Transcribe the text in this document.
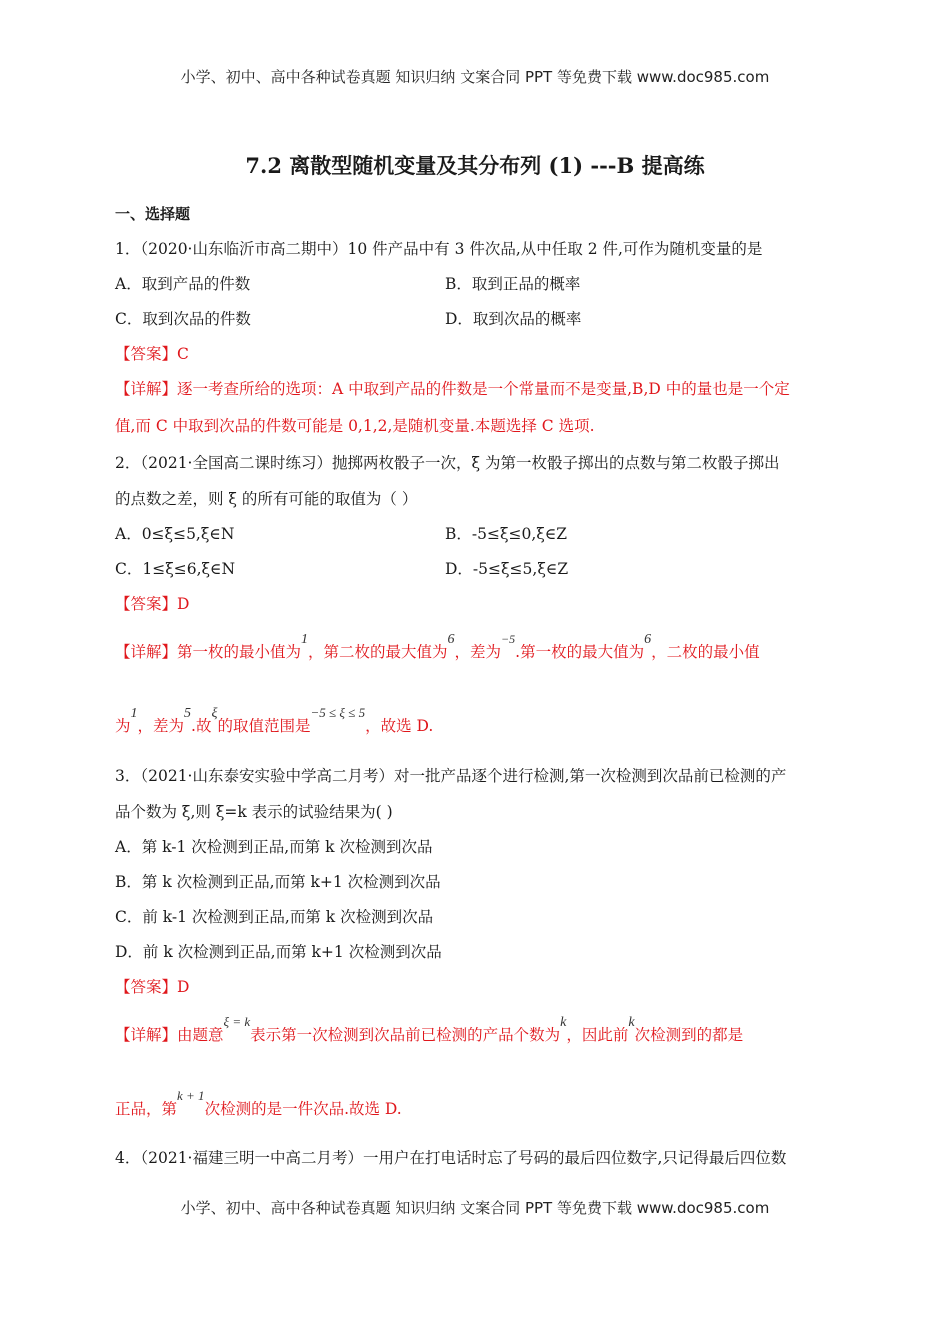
小学、初中、高中各种试卷真题 知识归纳 文案合同 PPT 等免费下载 www.doc985.com
7.2 离散型随机变量及其分布列 (1) ---B 提高练
一、选择题
1．（2020·山东临沂市高二期中）10 件产品中有 3 件次品,从中任取 2 件,可作为随机变量的是
A．取到产品的件数	B．取到正品的概率
C．取到次品的件数	D．取到次品的概率
【答案】C
【详解】逐一考查所给的选项：A 中取到产品的件数是一个常量而不是变量,B,D 中的量也是一个定
值,而 C 中取到次品的件数可能是 0,1,2,是随机变量.本题选择 C 选项.
2．（2021·全国高二课时练习）抛掷两枚骰子一次，ξ 为第一枚骰子掷出的点数与第二枚骰子掷出
的点数之差，则 ξ 的所有可能的取值为（ ）
A．0≤ξ≤5,ξ∈N	B．-5≤ξ≤0,ξ∈Z
C．1≤ξ≤6,ξ∈N	D．-5≤ξ≤5,ξ∈Z
【答案】D
【详解】第一枚的最小值为1，第二枚的最大值为6，差为$^{-5}$.第一枚的最大值为6，二枚的最小值
为1，差为5.故ξ的取值范围是$^{-5 \le \xi \le 5}$，故选 D.
3．（2021·山东泰安实验中学高二月考）对一批产品逐个进行检测,第一次检测到次品前已检测的产
品个数为 ξ,则 ξ=k 表示的试验结果为( )
A．第 k-1 次检测到正品,而第 k 次检测到次品
B．第 k 次检测到正品,而第 k+1 次检测到次品
C．前 k-1 次检测到正品,而第 k 次检测到次品
D．前 k 次检测到正品,而第 k+1 次检测到次品
【答案】D
【详解】由题意$^{\xi = k}$表示第一次检测到次品前已检测的产品个数为k，因此前k次检测到的都是
正品，第$^{k + 1}$次检测的是一件次品.故选 D.
4．（2021·福建三明一中高二月考）一用户在打电话时忘了号码的最后四位数字,只记得最后四位数
小学、初中、高中各种试卷真题 知识归纳 文案合同 PPT 等免费下载 www.doc985.com
